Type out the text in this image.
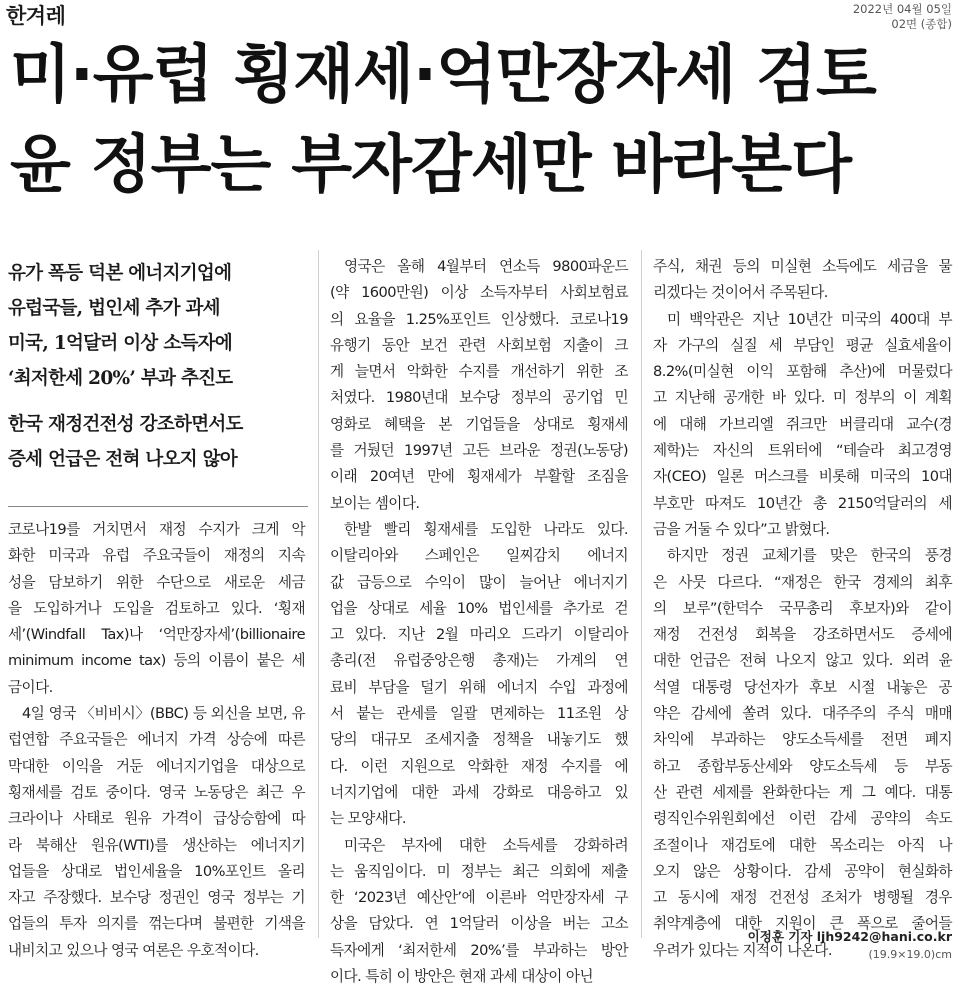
한겨레	2022년 04월 05일
02면 (종합)
미·유럽 횡재세·억만장자세 검토
윤 정부는 부자감세만 바라본다
유가 폭등 덕본 에너지기업에
유럽국들, 법인세 추가 과세
미국, 1억달러 이상 소득자에
‘최저한세 20%’ 부과 추진도
한국 재정건전성 강조하면서도
증세 언급은 전혀 나오지 않아

코로나19를 거치면서 재정 수지가 크게 악

화한 미국과 유럽 주요국들이 재정의 지속

성을 담보하기 위한 수단으로 새로운 세금

을 도입하거나 도입을 검토하고 있다. ‘횡재

세’(Windfall Tax)나 ‘억만장자세’(billionaire

minimum income tax) 등의 이름이 붙은 세

금이다.

4일 영국 〈비비시〉(BBC) 등 외신을 보면, 유

럽연합 주요국들은 에너지 가격 상승에 따른

막대한 이익을 거둔 에너지기업을 대상으로

횡재세를 검토 중이다. 영국 노동당은 최근 우

크라이나 사태로 원유 가격이 급상승함에 따

라 북해산 원유(WTI)를 생산하는 에너지기

업들을 상대로 법인세율을 10%포인트 올리

자고 주장했다. 보수당 정권인 영국 정부는 기

업들의 투자 의지를 꺾는다며 불편한 기색을

내비치고 있으나 영국 여론은 우호적이다.

영국은 올해 4월부터 연소득 9800파운드

(약 1600만원) 이상 소득자부터 사회보험료

의 요율을 1.25%포인트 인상했다. 코로나19

유행기 동안 보건 관련 사회보험 지출이 크

게 늘면서 악화한 수지를 개선하기 위한 조

처였다. 1980년대 보수당 정부의 공기업 민

영화로 혜택을 본 기업들을 상대로 횡재세

를 거뒀던 1997년 고든 브라운 정권(노동당)

이래 20여년 만에 횡재세가 부활할 조짐을

보이는 셈이다.

한발 빨리 횡재세를 도입한 나라도 있다.

이탈리아와 스페인은 일찌감치 에너지

값 급등으로 수익이 많이 늘어난 에너지기

업을 상대로 세율 10% 법인세를 추가로 걷

고 있다. 지난 2월 마리오 드라기 이탈리아

총리(전 유럽중앙은행 총재)는 가계의 연

료비 부담을 덜기 위해 에너지 수입 과정에

서 붙는 관세를 일괄 면제하는 11조원 상

당의 대규모 조세지출 정책을 내놓기도 했

다. 이런 지원으로 악화한 재정 수지를 에

너지기업에 대한 과세 강화로 대응하고 있

는 모양새다.

미국은 부자에 대한 소득세를 강화하려

는 움직임이다. 미 정부는 최근 의회에 제출

한 ‘2023년 예산안’에 이른바 억만장자세 구

상을 담았다. 연 1억달러 이상을 버는 고소

득자에게 ‘최저한세 20%’를 부과하는 방안

이다. 특히 이 방안은 현재 과세 대상이 아닌

주식, 채권 등의 미실현 소득에도 세금을 물

리겠다는 것이어서 주목된다.

미 백악관은 지난 10년간 미국의 400대 부

자 가구의 실질 세 부담인 평균 실효세율이

8.2%(미실현 이익 포함해 추산)에 머물렀다

고 지난해 공개한 바 있다. 미 정부의 이 계획

에 대해 가브리엘 쥐크만 버클리대 교수(경

제학)는 자신의 트위터에 “테슬라 최고경영

자(CEO) 일론 머스크를 비롯해 미국의 10대

부호만 따져도 10년간 총 2150억달러의 세

금을 거둘 수 있다”고 밝혔다.

하지만 정권 교체기를 맞은 한국의 풍경

은 사뭇 다르다. “재정은 한국 경제의 최후

의 보루”(한덕수 국무총리 후보자)와 같이

재정 건전성 회복을 강조하면서도 증세에

대한 언급은 전혀 나오지 않고 있다. 외려 윤

석열 대통령 당선자가 후보 시절 내놓은 공

약은 감세에 쏠려 있다. 대주주의 주식 매매

차익에 부과하는 양도소득세를 전면 폐지

하고 종합부동산세와 양도소득세 등 부동

산 관련 세제를 완화한다는 게 그 예다. 대통

령직인수위원회에선 이런 감세 공약의 속도

조절이나 재검토에 대한 목소리는 아직 나

오지 않은 상황이다. 감세 공약이 현실화하

고 동시에 재정 건전성 조처가 병행될 경우

취약계층에 대한 지원이 큰 폭으로 줄어들

우려가 있다는 지적이 나온다.

이정훈 기자 ljh9242@hani.co.kr
(19.9×19.0)cm
